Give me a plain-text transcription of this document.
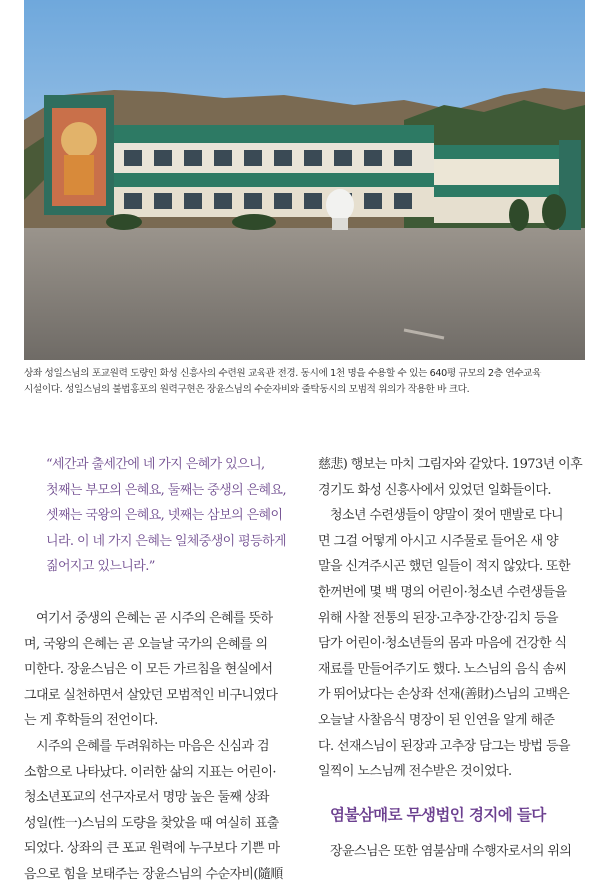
상좌 성일스님의 포교원력 도량인 화성 신흥사의 수련원 교육관 전경. 동시에 1천 명을 수용할 수 있는 640평 규모의 2층 연수교육
시설이다. 성일스님의 불법홍포의 원력구현은 장윤스님의 수순자비와 줄탁동시의 모범적 위의가 작용한 바 크다.
“세간과 출세간에 네 가지 은혜가 있으니,
첫째는 부모의 은혜요, 둘째는 중생의 은혜요,
셋째는 국왕의 은혜요, 넷째는 삼보의 은혜이
니라. 이 네 가지 은혜는 일체중생이 평등하게
짊어지고 있느니라.”
여기서 중생의 은혜는 곧 시주의 은혜를 뜻하
며, 국왕의 은혜는 곧 오늘날 국가의 은혜를 의
미한다. 장윤스님은 이 모든 가르침을 현실에서
그대로 실천하면서 살았던 모범적인 비구니였다
는 게 후학들의 전언이다.
시주의 은혜를 두려워하는 마음은 신심과 검
소함으로 나타났다. 이러한 삶의 지표는 어린이·
청소년포교의 선구자로서 명망 높은 둘째 상좌
성일(性一)스님의 도량을 찾았을 때 여실히 표출
되었다. 상좌의 큰 포교 원력에 누구보다 기쁜 마
음으로 힘을 보태주는 장윤스님의 수순자비(隨順
慈悲) 행보는 마치 그림자와 같았다. 1973년 이후
경기도 화성 신흥사에서 있었던 일화들이다.
청소년 수련생들이 양말이 젖어 맨발로 다니
면 그걸 어떻게 아시고 시주물로 들어온 새 양
말을 신겨주시곤 했던 일들이 적지 않았다. 또한
한꺼번에 몇 백 명의 어린이·청소년 수련생들을
위해 사찰 전통의 된장·고추장·간장·김치 등을
담가 어린이·청소년들의 몸과 마음에 건강한 식
재료를 만들어주기도 했다. 노스님의 음식 솜씨
가 뛰어났다는 손상좌 선재(善財)스님의 고백은
오늘날 사찰음식 명장이 된 인연을 알게 해준
다. 선재스님이 된장과 고추장 담그는 방법 등을
일찍이 노스님께 전수받은 것이었다.
염불삼매로 무생법인 경지에 들다
장윤스님은 또한 염불삼매 수행자로서의 위의
